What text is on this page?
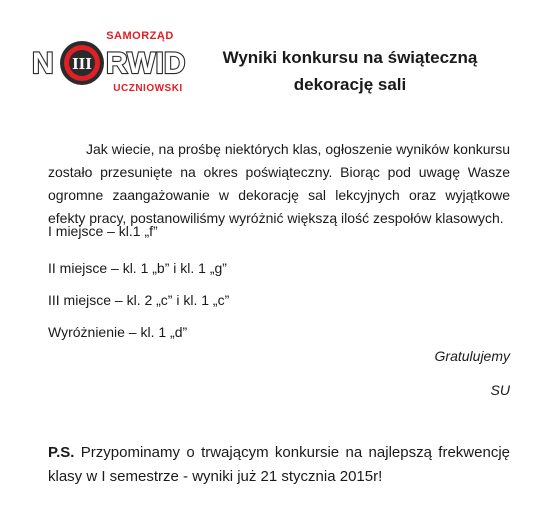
SAMORZĄD
N III RWID
UCZNIOWSKI
Wyniki konkursu na świąteczną
dekorację sali
Jak wiecie, na prośbę niektórych klas, ogłoszenie wyników konkursu zostało przesunięte na okres poświąteczny. Biorąc pod uwagę Wasze ogromne zaangażowanie w dekorację sal lekcyjnych oraz wyjątkowe efekty pracy, postanowiliśmy wyróżnić większą ilość zespołów klasowych.
I miejsce – kl.1 „f”
II miejsce – kl. 1 „b” i kl. 1 „g”
III miejsce – kl. 2 „c” i kl. 1 „c”
Wyróżnienie – kl. 1 „d”
Gratulujemy
SU
P.S. Przypominamy o trwającym konkursie na najlepszą frekwencję klasy w I semestrze - wyniki już 21 stycznia 2015r!
